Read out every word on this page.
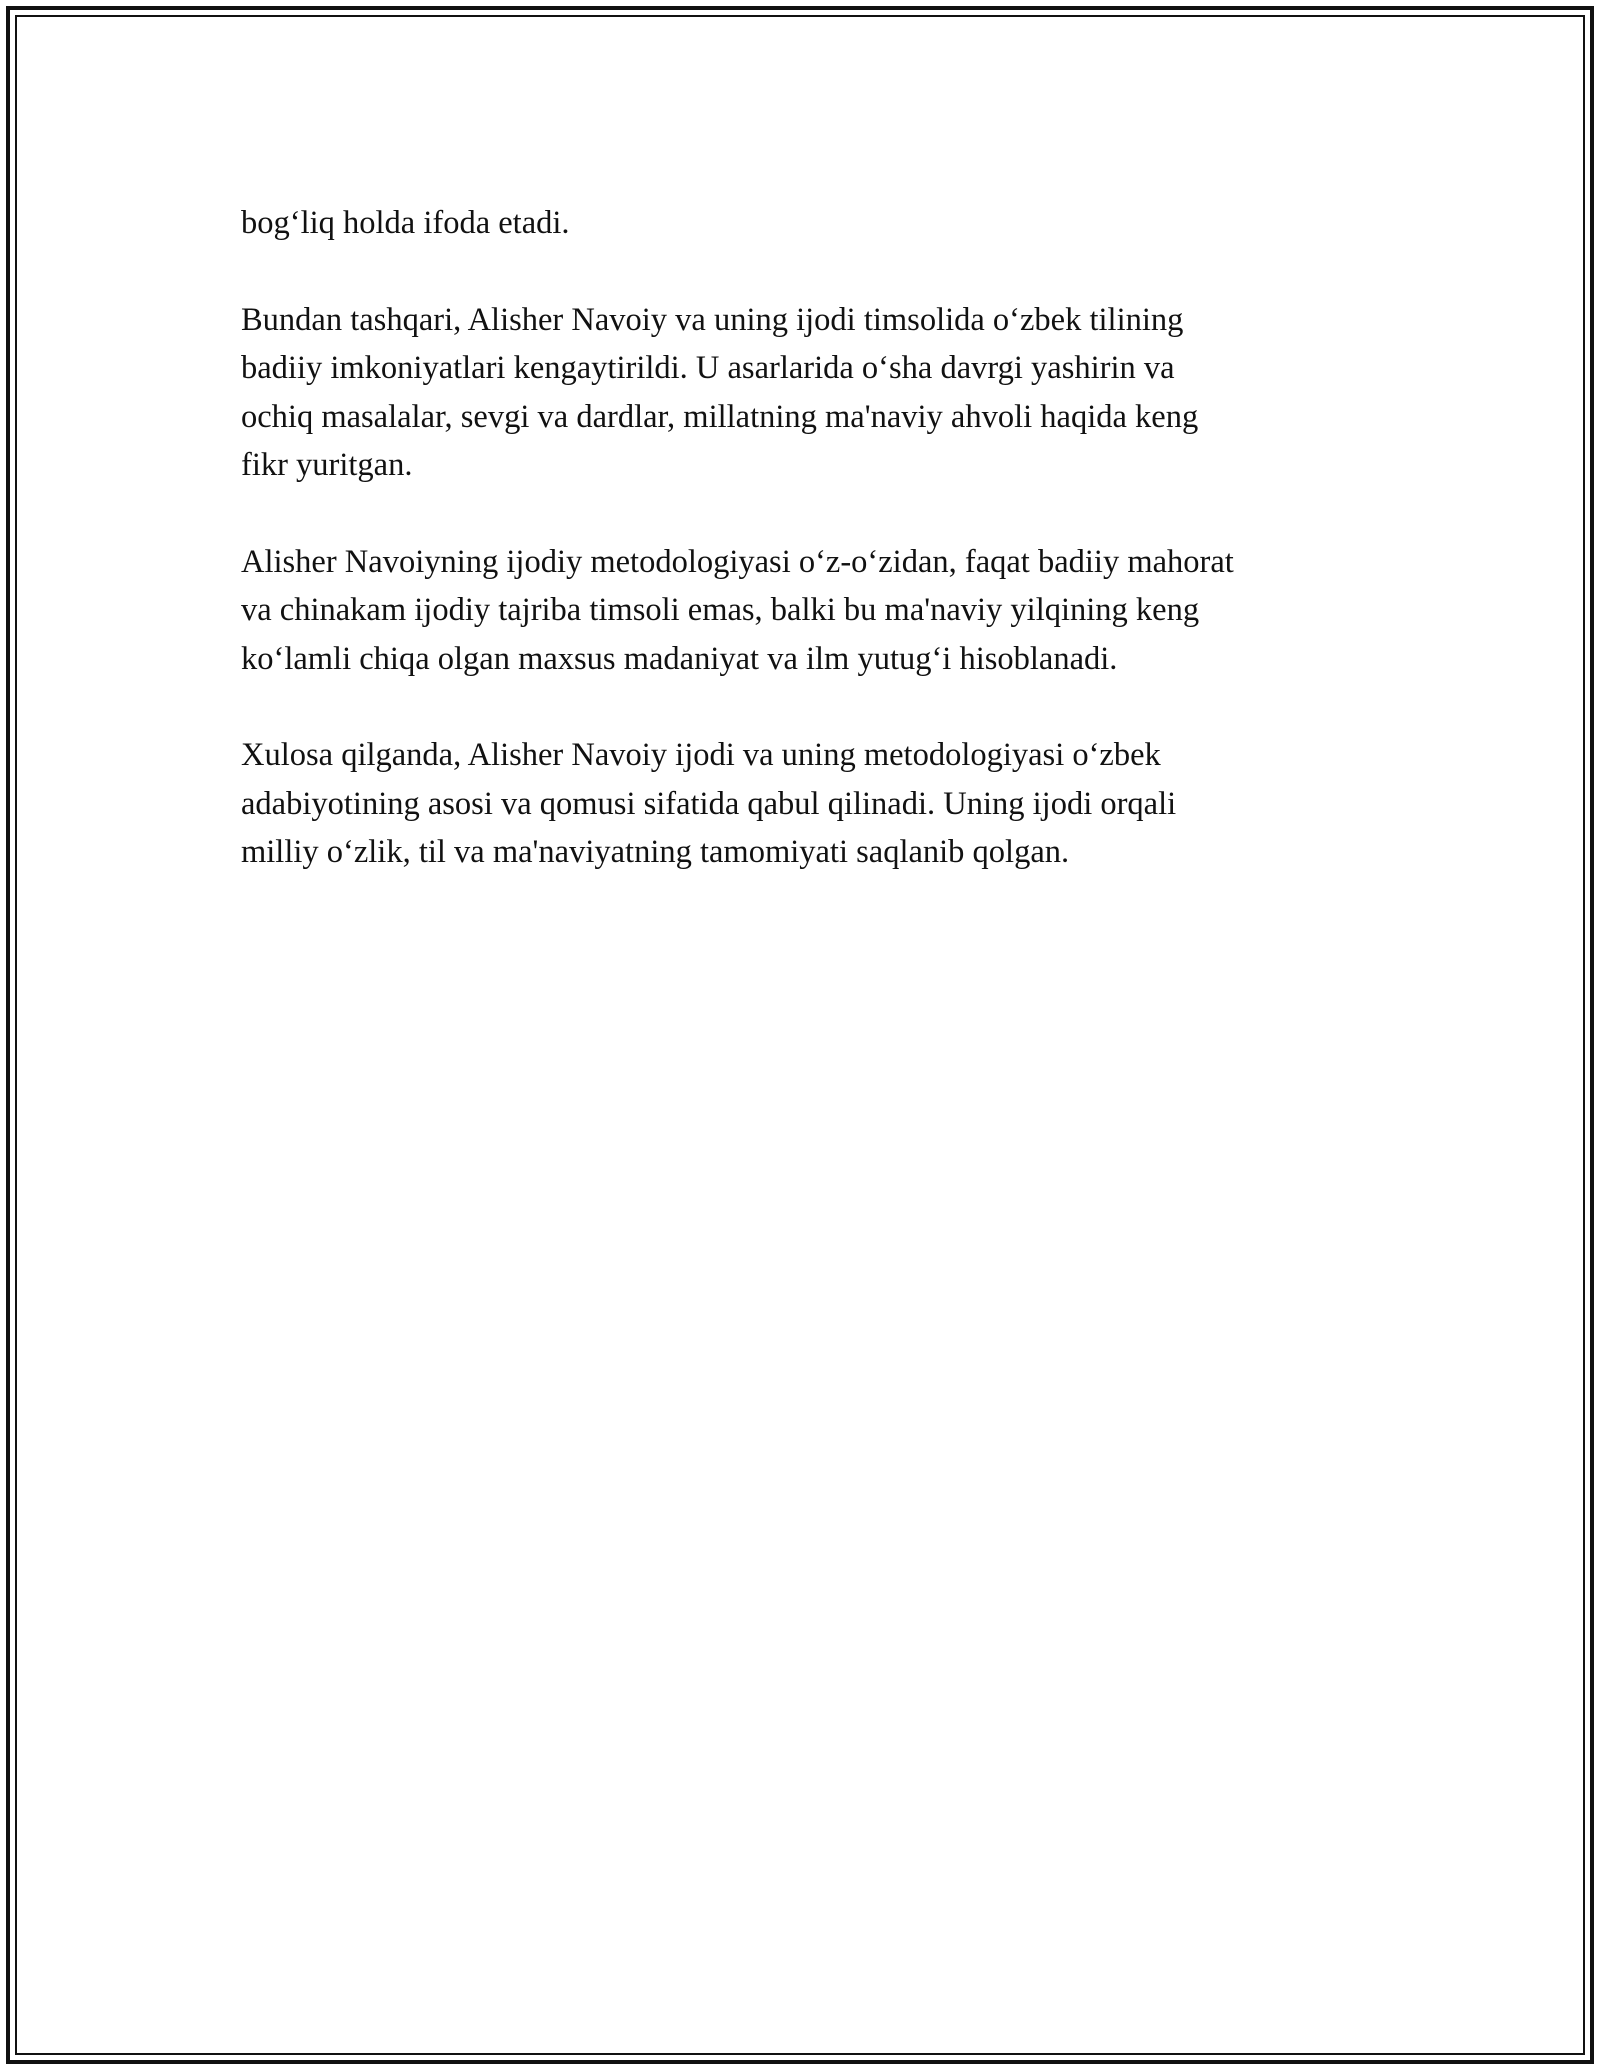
bog‘liq holda ifoda etadi.

Bundan tashqari, Alisher Navoiy va uning ijodi timsolida o‘zbek tilining
badiiy imkoniyatlari kengaytirildi. U asarlarida o‘sha davrgi yashirin va
ochiq masalalar, sevgi va dardlar, millatning ma'naviy ahvoli haqida keng
fikr yuritgan.

Alisher Navoiyning ijodiy metodologiyasi o‘z-o‘zidan, faqat badiiy mahorat
va chinakam ijodiy tajriba timsoli emas, balki bu ma'naviy yilqining keng
ko‘lamli chiqa olgan maxsus madaniyat va ilm yutug‘i hisoblanadi.

Xulosa qilganda, Alisher Navoiy ijodi va uning metodologiyasi o‘zbek
adabiyotining asosi va qomusi sifatida qabul qilinadi. Uning ijodi orqali
milliy o‘zlik, til va ma'naviyatning tamomiyati saqlanib qolgan.
